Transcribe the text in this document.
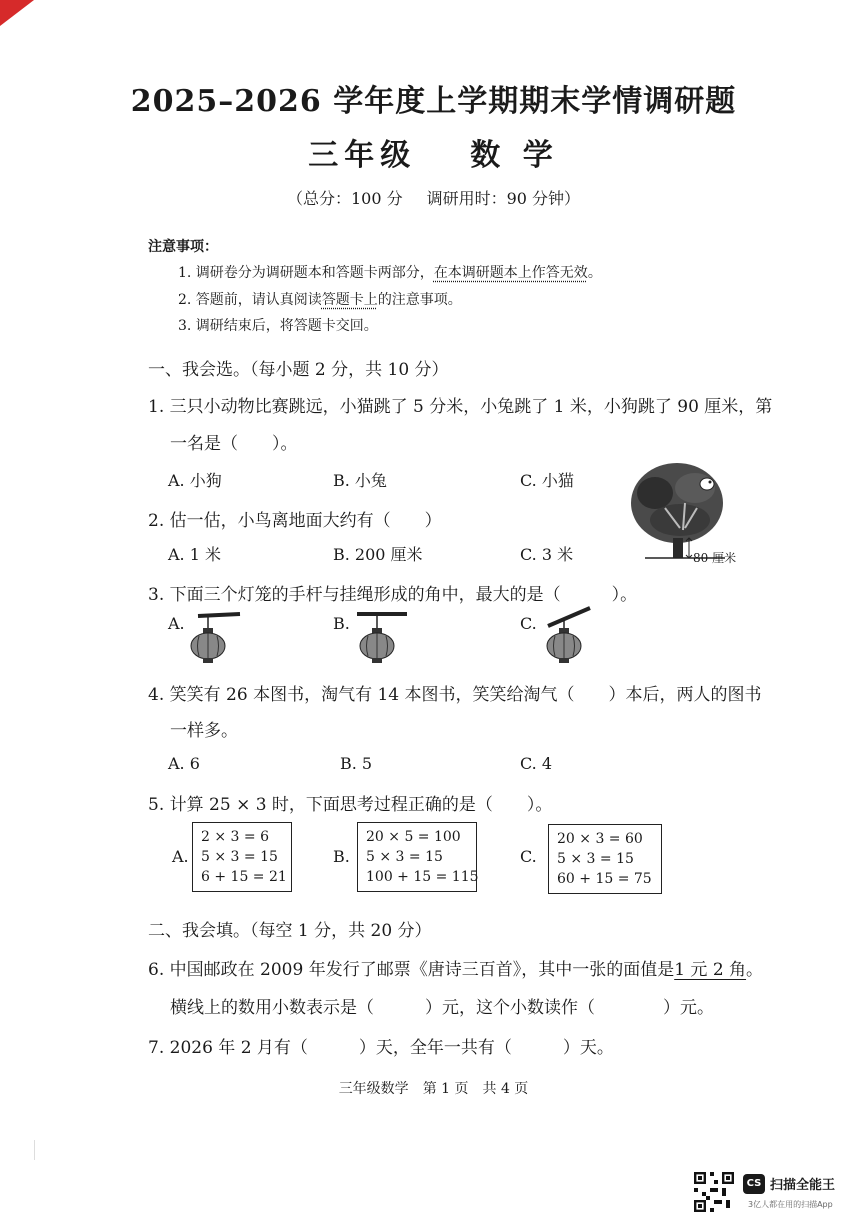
2025–2026 学年度上学期期末学情调研题
三年级 数 学
（总分：100 分 调研用时：90 分钟）
注意事项：
1. 调研卷分为调研题本和答题卡两部分，在本调研题本上作答无效。
2. 答题前，请认真阅读答题卡上的注意事项。
3. 调研结束后，将答题卡交回。
一、我会选。（每小题 2 分，共 10 分）
1. 三只小动物比赛跳远，小猫跳了 5 分米，小兔跳了 1 米，小狗跳了 90 厘米，第
一名是（　　）。
A. 小狗	B. 小兔	C. 小猫
2. 估一估，小鸟离地面大约有（　　）
A. 1 米	B. 200 厘米	C. 3 米	80 厘米
3. 下面三个灯笼的手杆与挂绳形成的角中，最大的是（　　　）。
A.	B.	C.
4. 笑笑有 26 本图书，淘气有 14 本图书，笑笑给淘气（　　）本后，两人的图书
一样多。
A. 6	B. 5	C. 4
5. 计算 25 × 3 时，下面思考过程正确的是（　　）。
A.
2 × 3 = 6
5 × 3 = 15
6 + 15 = 21
B.
20 × 5 = 100
5 × 3 = 15
100 + 15 = 115
C.
20 × 3 = 60
5 × 3 = 15
60 + 15 = 75
二、我会填。（每空 1 分，共 20 分）
6. 中国邮政在 2009 年发行了邮票《唐诗三百首》，其中一张的面值是1 元 2 角。
横线上的数用小数表示是（　　　）元，这个小数读作（　　　　）元。
7. 2026 年 2 月有（　　　）天，全年一共有（　　　）天。
三年级数学 第 1 页 共 4 页
CS 扫描全能王
3亿人都在用的扫描App
